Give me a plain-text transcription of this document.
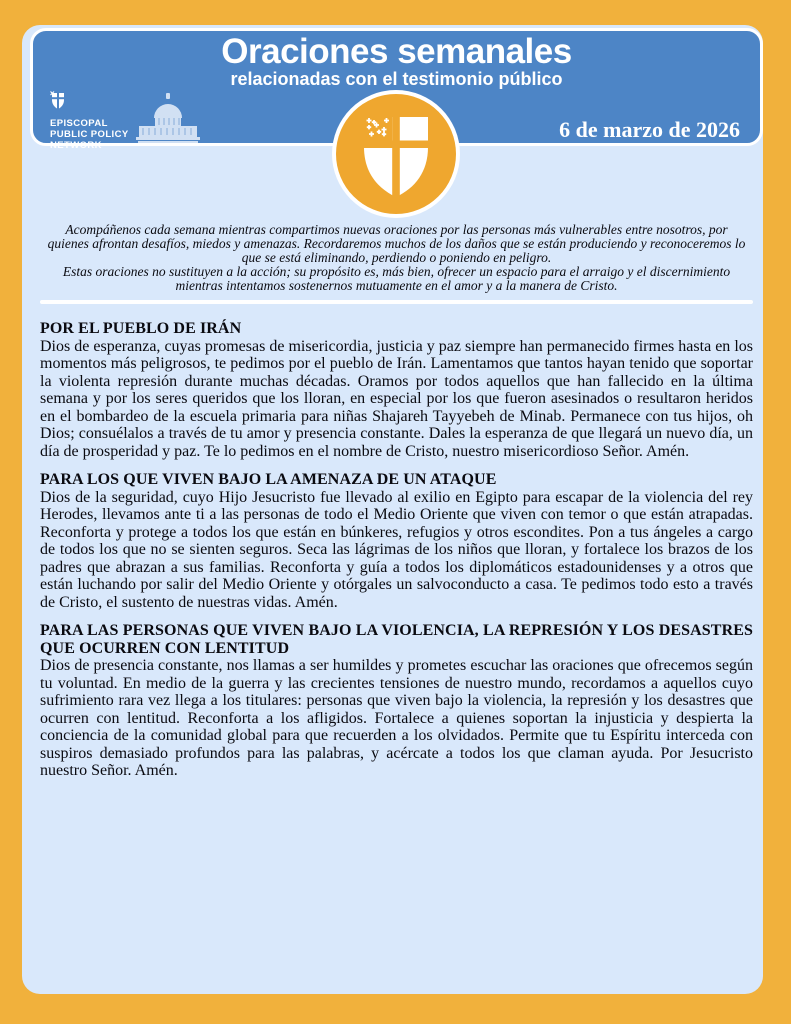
Oraciones semanales
relacionadas con el testimonio público
EPISCOPAL
PUBLIC POLICY
NETWORK
6 de marzo de 2026

Acompáñenos cada semana mientras compartimos nuevas oraciones por las personas más vulnerables entre nosotros, por quienes afrontan desafíos, miedos y amenazas. Recordaremos muchos de los daños que se están produciendo y reconoceremos lo que se está eliminando, perdiendo o poniendo en peligro.

Estas oraciones no sustituyen a la acción; su propósito es, más bien, ofrecer un espacio para el arraigo y el discernimiento mientras intentamos sostenernos mutuamente en el amor y a la manera de Cristo.

POR EL PUEBLO DE IRÁN

Dios de esperanza, cuyas promesas de misericordia, justicia y paz siempre han permanecido firmes hasta en los momentos más peligrosos, te pedimos por el pueblo de Irán. Lamentamos que tantos hayan tenido que soportar la violenta represión durante muchas décadas. Oramos por todos aquellos que han fallecido en la última semana y por los seres queridos que los lloran, en especial por los que fueron asesinados o resultaron heridos en el bombardeo de la escuela primaria para niñas Shajareh Tayyebeh de Minab. Permanece con tus hijos, oh Dios; consuélalos a través de tu amor y presencia constante. Dales la esperanza de que llegará un nuevo día, un día de prosperidad y paz. Te lo pedimos en el nombre de Cristo, nuestro misericordioso Señor. Amén.

PARA LOS QUE VIVEN BAJO LA AMENAZA DE UN ATAQUE

Dios de la seguridad, cuyo Hijo Jesucristo fue llevado al exilio en Egipto para escapar de la violencia del rey Herodes, llevamos ante ti a las personas de todo el Medio Oriente que viven con temor o que están atrapadas. Reconforta y protege a todos los que están en búnkeres, refugios y otros escondites. Pon a tus ángeles a cargo de todos los que no se sienten seguros. Seca las lágrimas de los niños que lloran, y fortalece los brazos de los padres que abrazan a sus familias. Reconforta y guía a todos los diplomáticos estadounidenses y a otros que están luchando por salir del Medio Oriente y otórgales un salvoconducto a casa. Te pedimos todo esto a través de Cristo, el sustento de nuestras vidas. Amén.

PARA LAS PERSONAS QUE VIVEN BAJO LA VIOLENCIA, LA REPRESIÓN Y LOS DESASTRES QUE OCURREN CON LENTITUD

Dios de presencia constante, nos llamas a ser humildes y prometes escuchar las oraciones que ofrecemos según tu voluntad. En medio de la guerra y las crecientes tensiones de nuestro mundo, recordamos a aquellos cuyo sufrimiento rara vez llega a los titulares: personas que viven bajo la violencia, la represión y los desastres que ocurren con lentitud. Reconforta a los afligidos. Fortalece a quienes soportan la injusticia y despierta la conciencia de la comunidad global para que recuerden a los olvidados. Permite que tu Espíritu interceda con suspiros demasiado profundos para las palabras, y acércate a todos los que claman ayuda. Por Jesucristo nuestro Señor. Amén.
